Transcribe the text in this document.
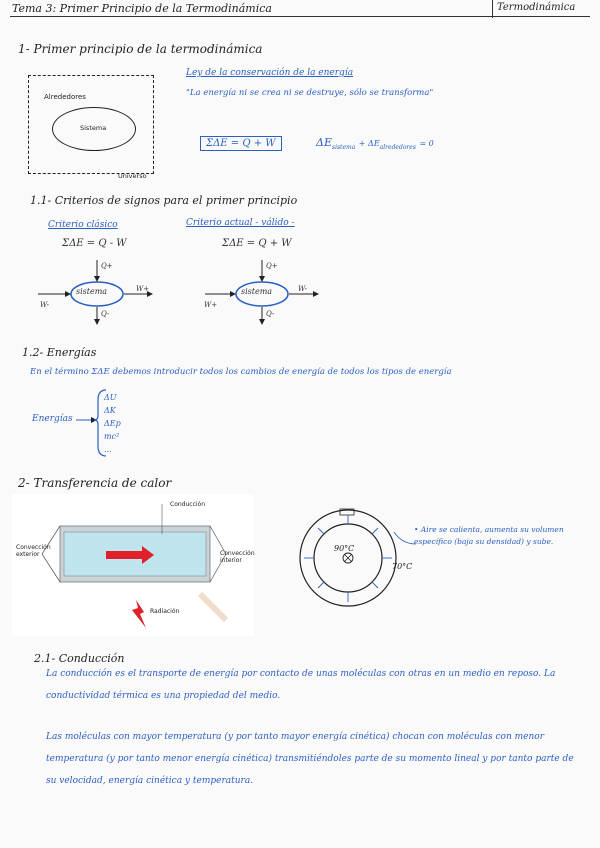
Tema 3: Primer Principio de la Termodinámica	Termodinámica
1- Primer principio de la termodinámica
Alrededores
Sistema
Universo
Ley de la conservación de la energía
"La energía ni se crea ni se destruye, sólo se transforma"
ΣΔE = Q + W	$\Delta E_{sistema} + \Delta E_{alrededores} = 0$
1.1- Criterios de signos para el primer principio
Criterio clásico
ΣΔE = Q - W
Criterio actual - válido -
ΣΔE = Q + W
sistema
Q+
Q-
W-
W+	sistema
Q+
Q-
W+
W-
1.2- Energías
En el término ΣΔE debemos introducir todos los cambios de energía de todos los tipos de energía
Energías
ΔU
ΔK
ΔEp
mc²
...
2- Transferencia de calor
Conducción
Convección exterior	Convección interior
Radiación
90°C
70°C
• Aire se calienta, aumenta su volumen específico (baja su densidad) y sube.
2.1- Conducción
La conducción es el transporte de energía por contacto de unas moléculas con otras en un medio en reposo. La conductividad térmica es una propiedad del medio.
Las moléculas con mayor temperatura (y por tanto mayor energía cinética) chocan con moléculas con menor temperatura (y por tanto menor energía cinética) transmitiéndoles parte de su momento lineal y por tanto parte de su velocidad, energía cinética y temperatura.
